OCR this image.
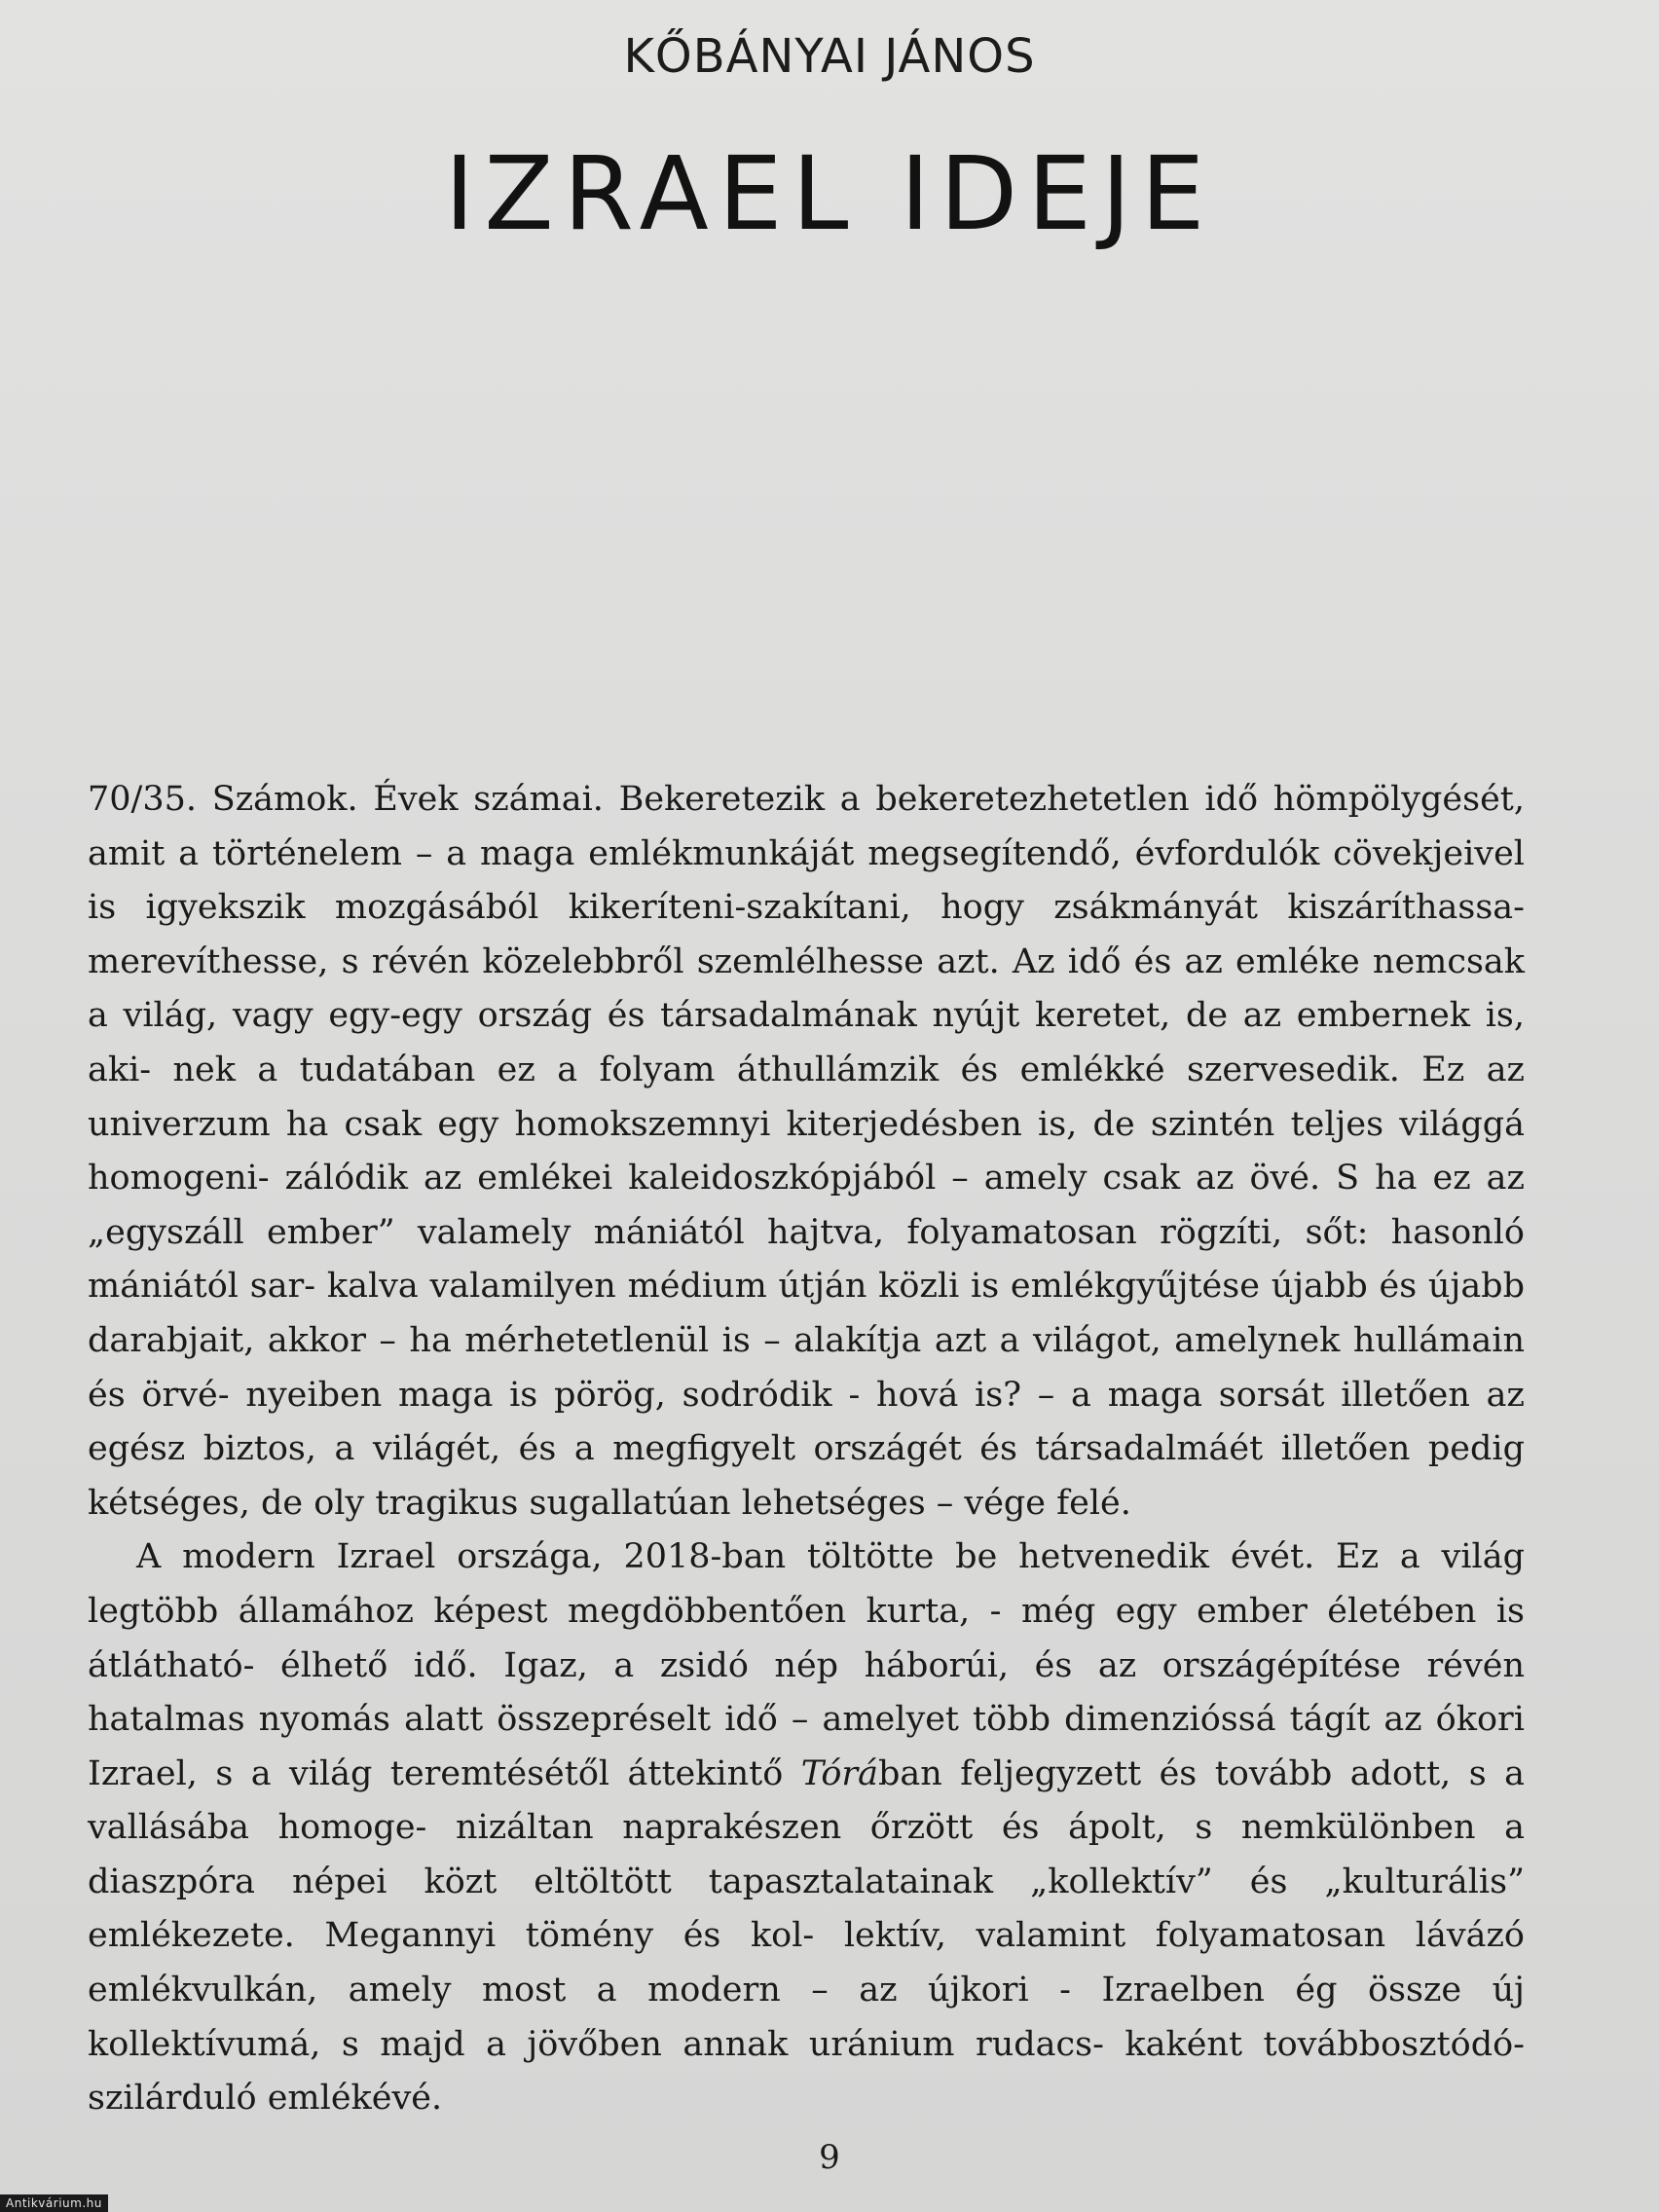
KŐBÁNYAI JÁNOS
IZRAEL IDEJE

70/35. Számok. Évek számai. Bekeretezik a bekeretezhetetlen idő hömpölygését, amit a történelem – a maga emlékmunkáját megsegítendő, évfordulók cövekjeivel is igyekszik mozgásából kikeríteni-szakítani, hogy zsákmányát kiszáríthassa- merevíthesse, s révén közelebbről szemlélhesse azt. Az idő és az emléke nemcsak a világ, vagy egy-egy ország és társadalmának nyújt keretet, de az embernek is, aki- nek a tudatában ez a folyam áthullámzik és emlékké szervesedik. Ez az univerzum ha csak egy homokszemnyi kiterjedésben is, de szintén teljes világgá homogeni- zálódik az emlékei kaleidoszkópjából – amely csak az övé. S ha ez az „egyszáll ember” valamely mániától hajtva, folyamatosan rögzíti, sőt: hasonló mániától sar- kalva valamilyen médium útján közli is emlékgyűjtése újabb és újabb darabjait, akkor – ha mérhetetlenül is – alakítja azt a világot, amelynek hullámain és örvé- nyeiben maga is pörög, sodródik - hová is? – a maga sorsát illetően az egész biztos, a világét, és a megfigyelt országét és társadalmáét illetően pedig kétséges, de oly tragikus sugallatúan lehetséges – vége felé.

A modern Izrael országa, 2018-ban töltötte be hetvenedik évét. Ez a világ legtöbb államához képest megdöbbentően kurta, - még egy ember életében is átlátható- élhető idő. Igaz, a zsidó nép háborúi, és az országépítése révén hatalmas nyomás alatt összepréselt idő – amelyet több dimenzióssá tágít az ókori Izrael, s a világ teremtésétől áttekintő Tórában feljegyzett és tovább adott, s a vallásába homoge- nizáltan naprakészen őrzött és ápolt, s nemkülönben a diaszpóra népei közt eltöltött tapasztalatainak „kollektív” és „kulturális” emlékezete. Megannyi tömény és kol- lektív, valamint folyamatosan lávázó emlékvulkán, amely most a modern – az újkori - Izraelben ég össze új kollektívumá, s majd a jövőben annak uránium rudacs- kaként továbbosztódó-szilárduló emlékévé.

9
Antikvárium.hu
